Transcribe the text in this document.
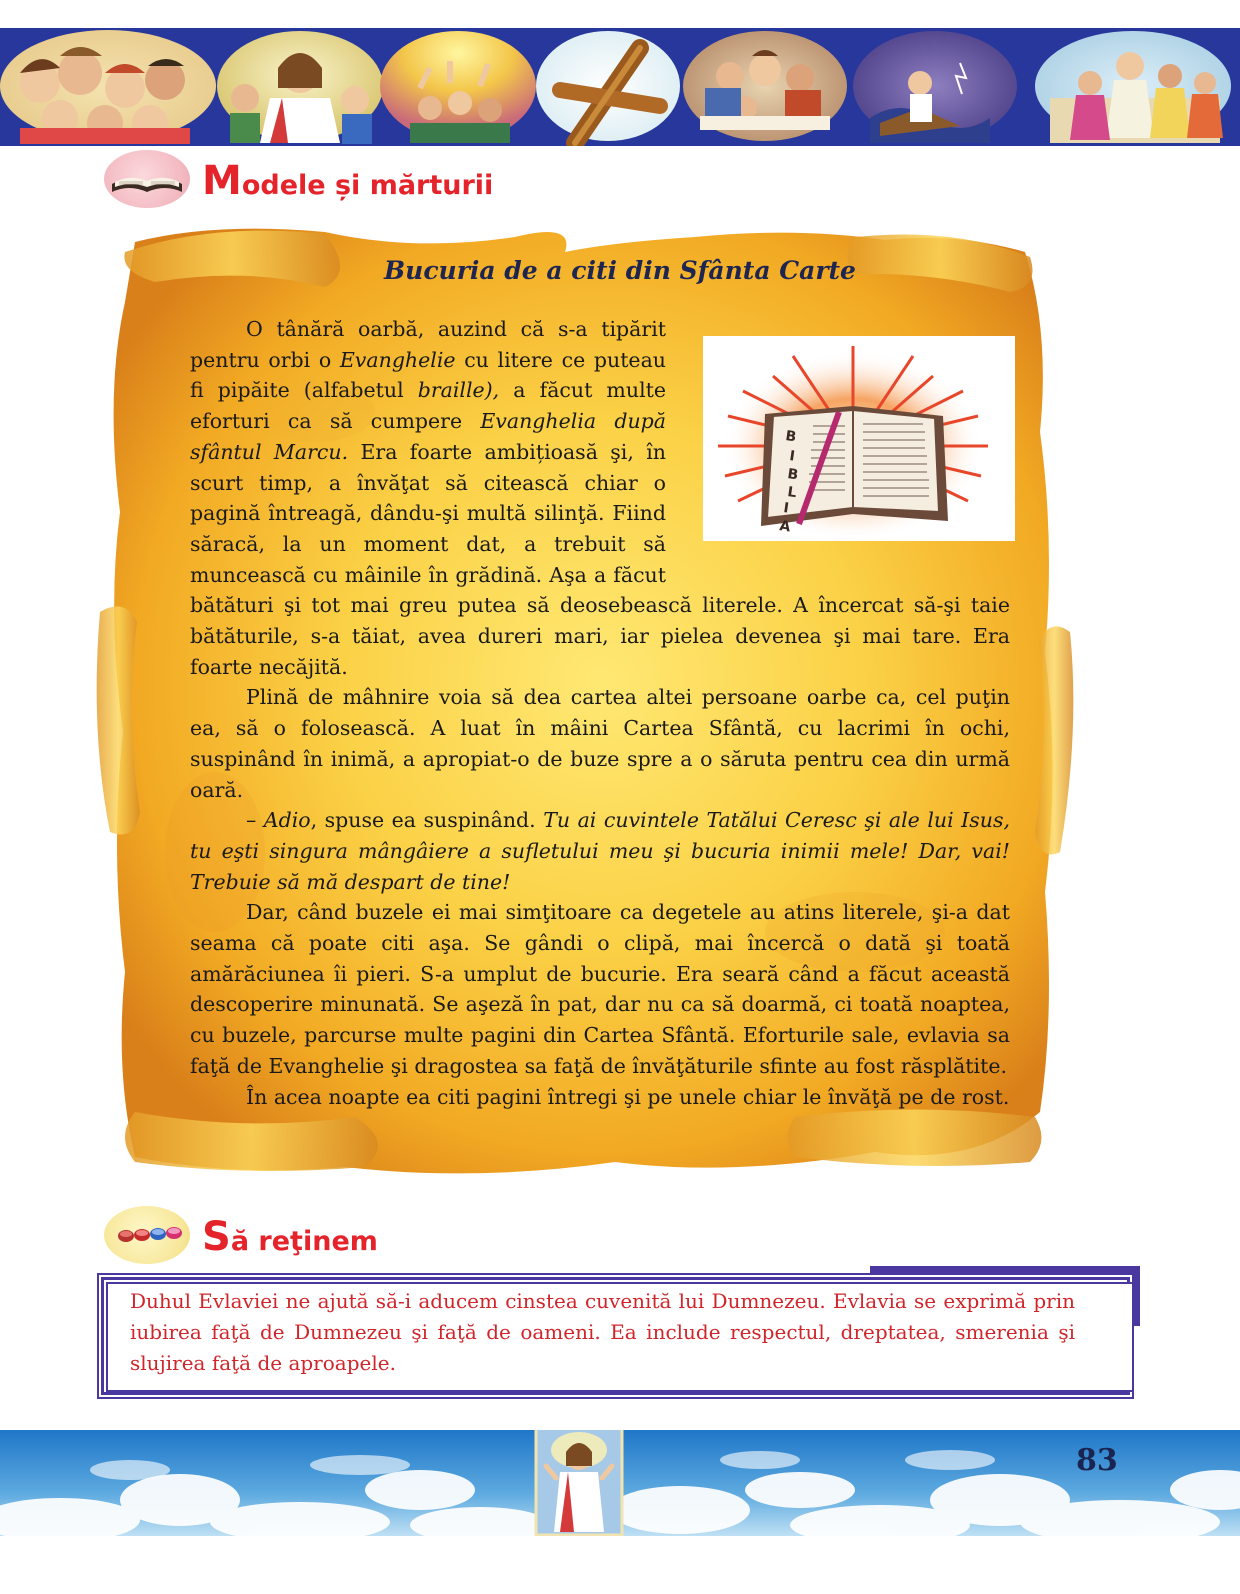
Modele și mărturii
Bucuria de a citi din Sfânta Carte
B
I
B
L
I
A

O tânără oarbă, auzind că s-a tipărit pentru orbi o Evanghelie cu litere ce puteau fi pipăite (alfabetul braille), a făcut multe eforturi ca să cumpere Evanghelia după sfântul Marcu. Era foarte ambițioasă şi, în scurt timp, a învăţat să citească chiar o pagină întreagă, dându-şi multă silinţă. Fiind săracă, la un moment dat, a trebuit să muncească cu mâinile în grădină. Aşa a făcut bătături şi tot mai greu putea să deosebească literele. A încercat să-şi taie bătăturile, s-a tăiat, avea dureri mari, iar pielea devenea şi mai tare. Era foarte necăjită.

Plină de mâhnire voia să dea cartea altei persoane oarbe ca, cel puţin ea, să o folosească. A luat în mâini Cartea Sfântă, cu lacrimi în ochi, suspinând în inimă, a apropiat-o de buze spre a o săruta pentru cea din urmă oară.

– Adio, spuse ea suspinând. Tu ai cuvintele Tatălui Ceresc şi ale lui Isus, tu eşti singura mângâiere a sufletului meu şi bucuria inimii mele! Dar, vai! Trebuie să mă despart de tine!

Dar, când buzele ei mai simţitoare ca degetele au atins literele, şi-a dat seama că poate citi aşa. Se gândi o clipă, mai încercă o dată şi toată amărăciunea îi pieri. S-a umplut de bucurie. Era seară când a făcut această descoperire minunată. Se aşeză în pat, dar nu ca să doarmă, ci toată noaptea, cu buzele, parcurse multe pagini din Cartea Sfântă. Eforturile sale, evlavia sa faţă de Evanghelie şi dragostea sa faţă de învăţăturile sfinte au fost răsplătite.

În acea noapte ea citi pagini întregi şi pe unele chiar le învăţă pe de rost.

Să reţinem
Duhul Evlaviei ne ajută să-i aducem cinstea cuvenită lui Dumnezeu. Evlavia se exprimă prin iubirea faţă de Dumnezeu şi faţă de oameni. Ea include respectul, dreptatea, smerenia şi slujirea faţă de aproapele.
83
